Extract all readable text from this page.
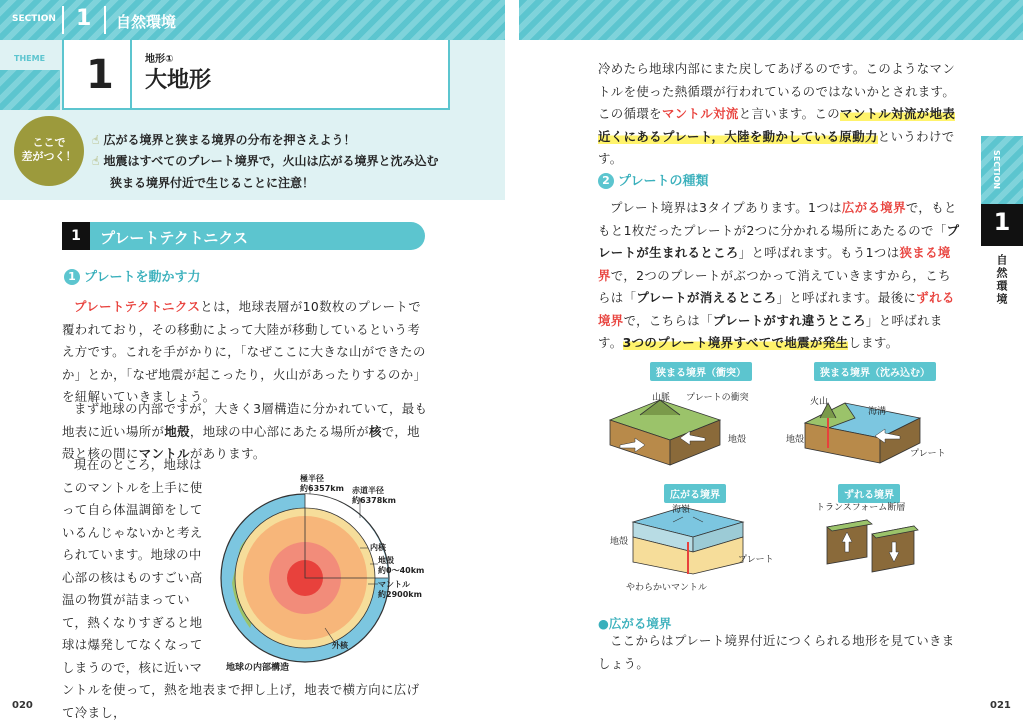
SECTION 1 自然環境
THEME 1	地形①
大地形
ここで
差がつく！
☝ 広がる境界と狭まる境界の分布を押さえよう！
☝ 地震はすべてのプレート境界で，火山は広がる境界と沈み込む狭まる境界付近で生じることに注意！
1	プレートテクトニクス
1 プレートを動かす力
プレートテクトニクスとは，地球表層が10数枚のプレートで覆われており，その移動によって大陸が移動しているという考え方です。これを手がかりに，「なぜここに大きな山ができたのか」とか，「なぜ地震が起こったり，火山があったりするのか」を紐解いていきましょう。
まず地球の内部ですが，大きく3層構造に分かれていて，最も地表に近い場所が地殻，地球の中心部にあたる場所が核で，地殻と核の間にマントルがあります。
現在のところ，地球はこのマントルを上手に使って自ら体温調節をしているんじゃないかと考えられています。地球の中心部の核はものすごい高温の物質が詰まっていて，熱くなりすぎると地球は爆発してなくなってしまうので，核に近いマントルを使って，熱を地表まで押し上げ，地表で横方向に広げて冷まし，
極半径
約6357km 赤道半径
約6378km
内核
地殻
約0〜40km
マントル
約2900km
外核
地球の内部構造
020
冷めたら地球内部にまた戻してあげるのです。このようなマントルを使った熱循環が行われているのではないかとされます。この循環をマントル対流と言います。このマントル対流が地表近くにあるプレート，大陸を動かしている原動力というわけです。
2 プレートの種類
プレート境界は3タイプあります。1つは広がる境界で，もともと1枚だったプレートが2つに分かれる場所にあたるので「プレートが生まれるところ」と呼ばれます。もう1つは狭まる境界で，2つのプレートがぶつかって消えていきますから，こちらは「プレートが消えるところ」と呼ばれます。最後にずれる境界で，こちらは「プレートがすれ違うところ」と呼ばれます。3つのプレート境界すべてで地震が発生します。
狭まる境界（衝突）
山脈 プレートの衝突
地殻
狭まる境界（沈み込む）
火山
海溝
地殻
プレート
広がる境界
海嶺
地殻
プレート
やわらかいマントル
ずれる境界
トランスフォーム断層
●広がる境界
ここからはプレート境界付近につくられる地形を見ていきましょう。
SECTION
1
自然環境
021
